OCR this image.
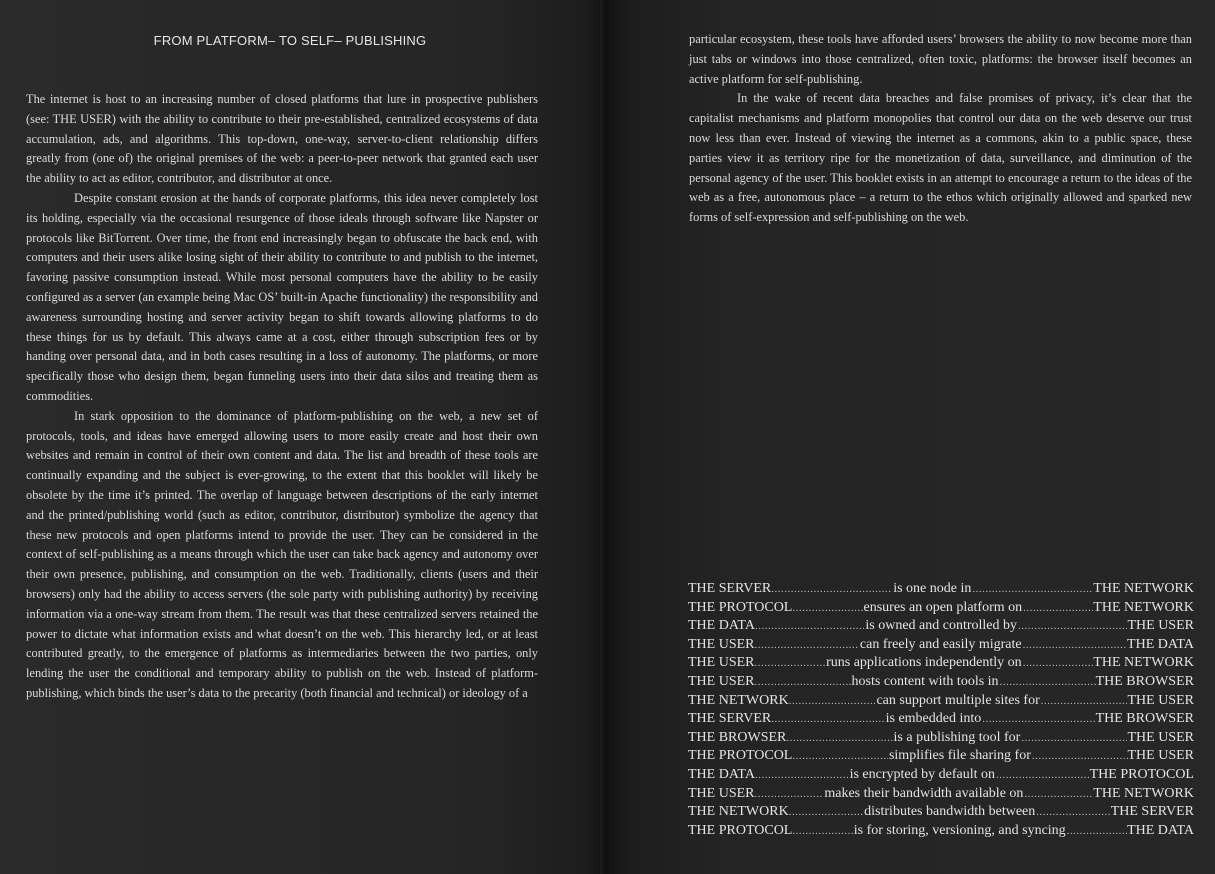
FROM PLATFORM– TO SELF– PUBLISHING

The internet is host to an increasing number of closed platforms that lure in prospective publishers (see: THE USER) with the ability to contribute to their pre-established, centralized ecosystems of data accumulation, ads, and algorithms. This top-down, one-way, server-to-client relationship differs greatly from (one of) the original premises of the web: a peer-to-peer network that granted each user the ability to act as editor, contributor, and distributor at once.

Despite constant erosion at the hands of corporate platforms, this idea never completely lost its holding, especially via the occasional resurgence of those ideals through software like Napster or protocols like BitTorrent. Over time, the front end increasingly began to obfuscate the back end, with computers and their users alike losing sight of their ability to contribute to and publish to the internet, favoring passive consumption instead. While most personal computers have the ability to be easily configured as a server (an example being Mac OS’ built-in Apache functionality) the responsibility and awareness surrounding hosting and server activity began to shift towards allowing platforms to do these things for us by default. This always came at a cost, either through subscription fees or by handing over personal data, and in both cases resulting in a loss of autonomy. The platforms, or more specifically those who design them, began funneling users into their data silos and treating them as commodities.

In stark opposition to the dominance of platform-publishing on the web, a new set of protocols, tools, and ideas have emerged allowing users to more easily create and host their own websites and remain in control of their own content and data. The list and breadth of these tools are continually expanding and the subject is ever-growing, to the extent that this booklet will likely be obsolete by the time it’s printed. The overlap of language between descriptions of the early internet and the printed/publishing world (such as editor, contributor, distributor) symbolize the agency that these new protocols and open platforms intend to provide the user. They can be considered in the context of self-publishing as a means through which the user can take back agency and autonomy over their own presence, publishing, and consumption on the web. Traditionally, clients (users and their browsers) only had the ability to access servers (the sole party with publishing authority) by receiving information via a one-way stream from them. The result was that these centralized servers retained the power to dictate what information exists and what doesn’t on the web. This hierarchy led, or at least contributed greatly, to the emergence of platforms as intermediaries between the two parties, only lending the user the conditional and temporary ability to publish on the web. Instead of platform-publishing, which binds the user’s data to the precarity (both financial and technical) or ideology of a

particular ecosystem, these tools have afforded users’ browsers the ability to now become more than just tabs or windows into those centralized, often toxic, platforms: the browser itself becomes an active platform for self-publishing.

In the wake of recent data breaches and false promises of privacy, it’s clear that the capitalist mechanisms and platform monopolies that control our data on the web deserve our trust now less than ever. Instead of viewing the internet as a commons, akin to a public space, these parties view it as territory ripe for the monetization of data, surveillance, and diminution of the personal agency of the user. This booklet exists in an attempt to encourage a return to the ideas of the web as a free, autonomous place – a return to the ethos which originally allowed and sparked new forms of self-expression and self-publishing on the web.

THE SERVER .....	is one node in .....	THE NETWORK
THE PROTOCOL .....	ensures an open platform on .....	THE NETWORK
THE DATA .....	is owned and controlled by .....	THE USER
THE USER .....	can freely and easily migrate .....	THE DATA
THE USER .....	runs applications independently on .....	THE NETWORK
THE USER .....	hosts content with tools in .....	THE BROWSER
THE NETWORK .....	can support multiple sites for .....	THE USER
THE SERVER .....	is embedded into .....	THE BROWSER
THE BROWSER .....	is a publishing tool for .....	THE USER
THE PROTOCOL .....	simplifies file sharing for .....	THE USER
THE DATA .....	is encrypted by default on .....	THE PROTOCOL
THE USER .....	makes their bandwidth available on .....	THE NETWORK
THE NETWORK .....	distributes bandwidth between .....	THE SERVER
THE PROTOCOL .....	is for storing, versioning, and syncing .....	THE DATA
